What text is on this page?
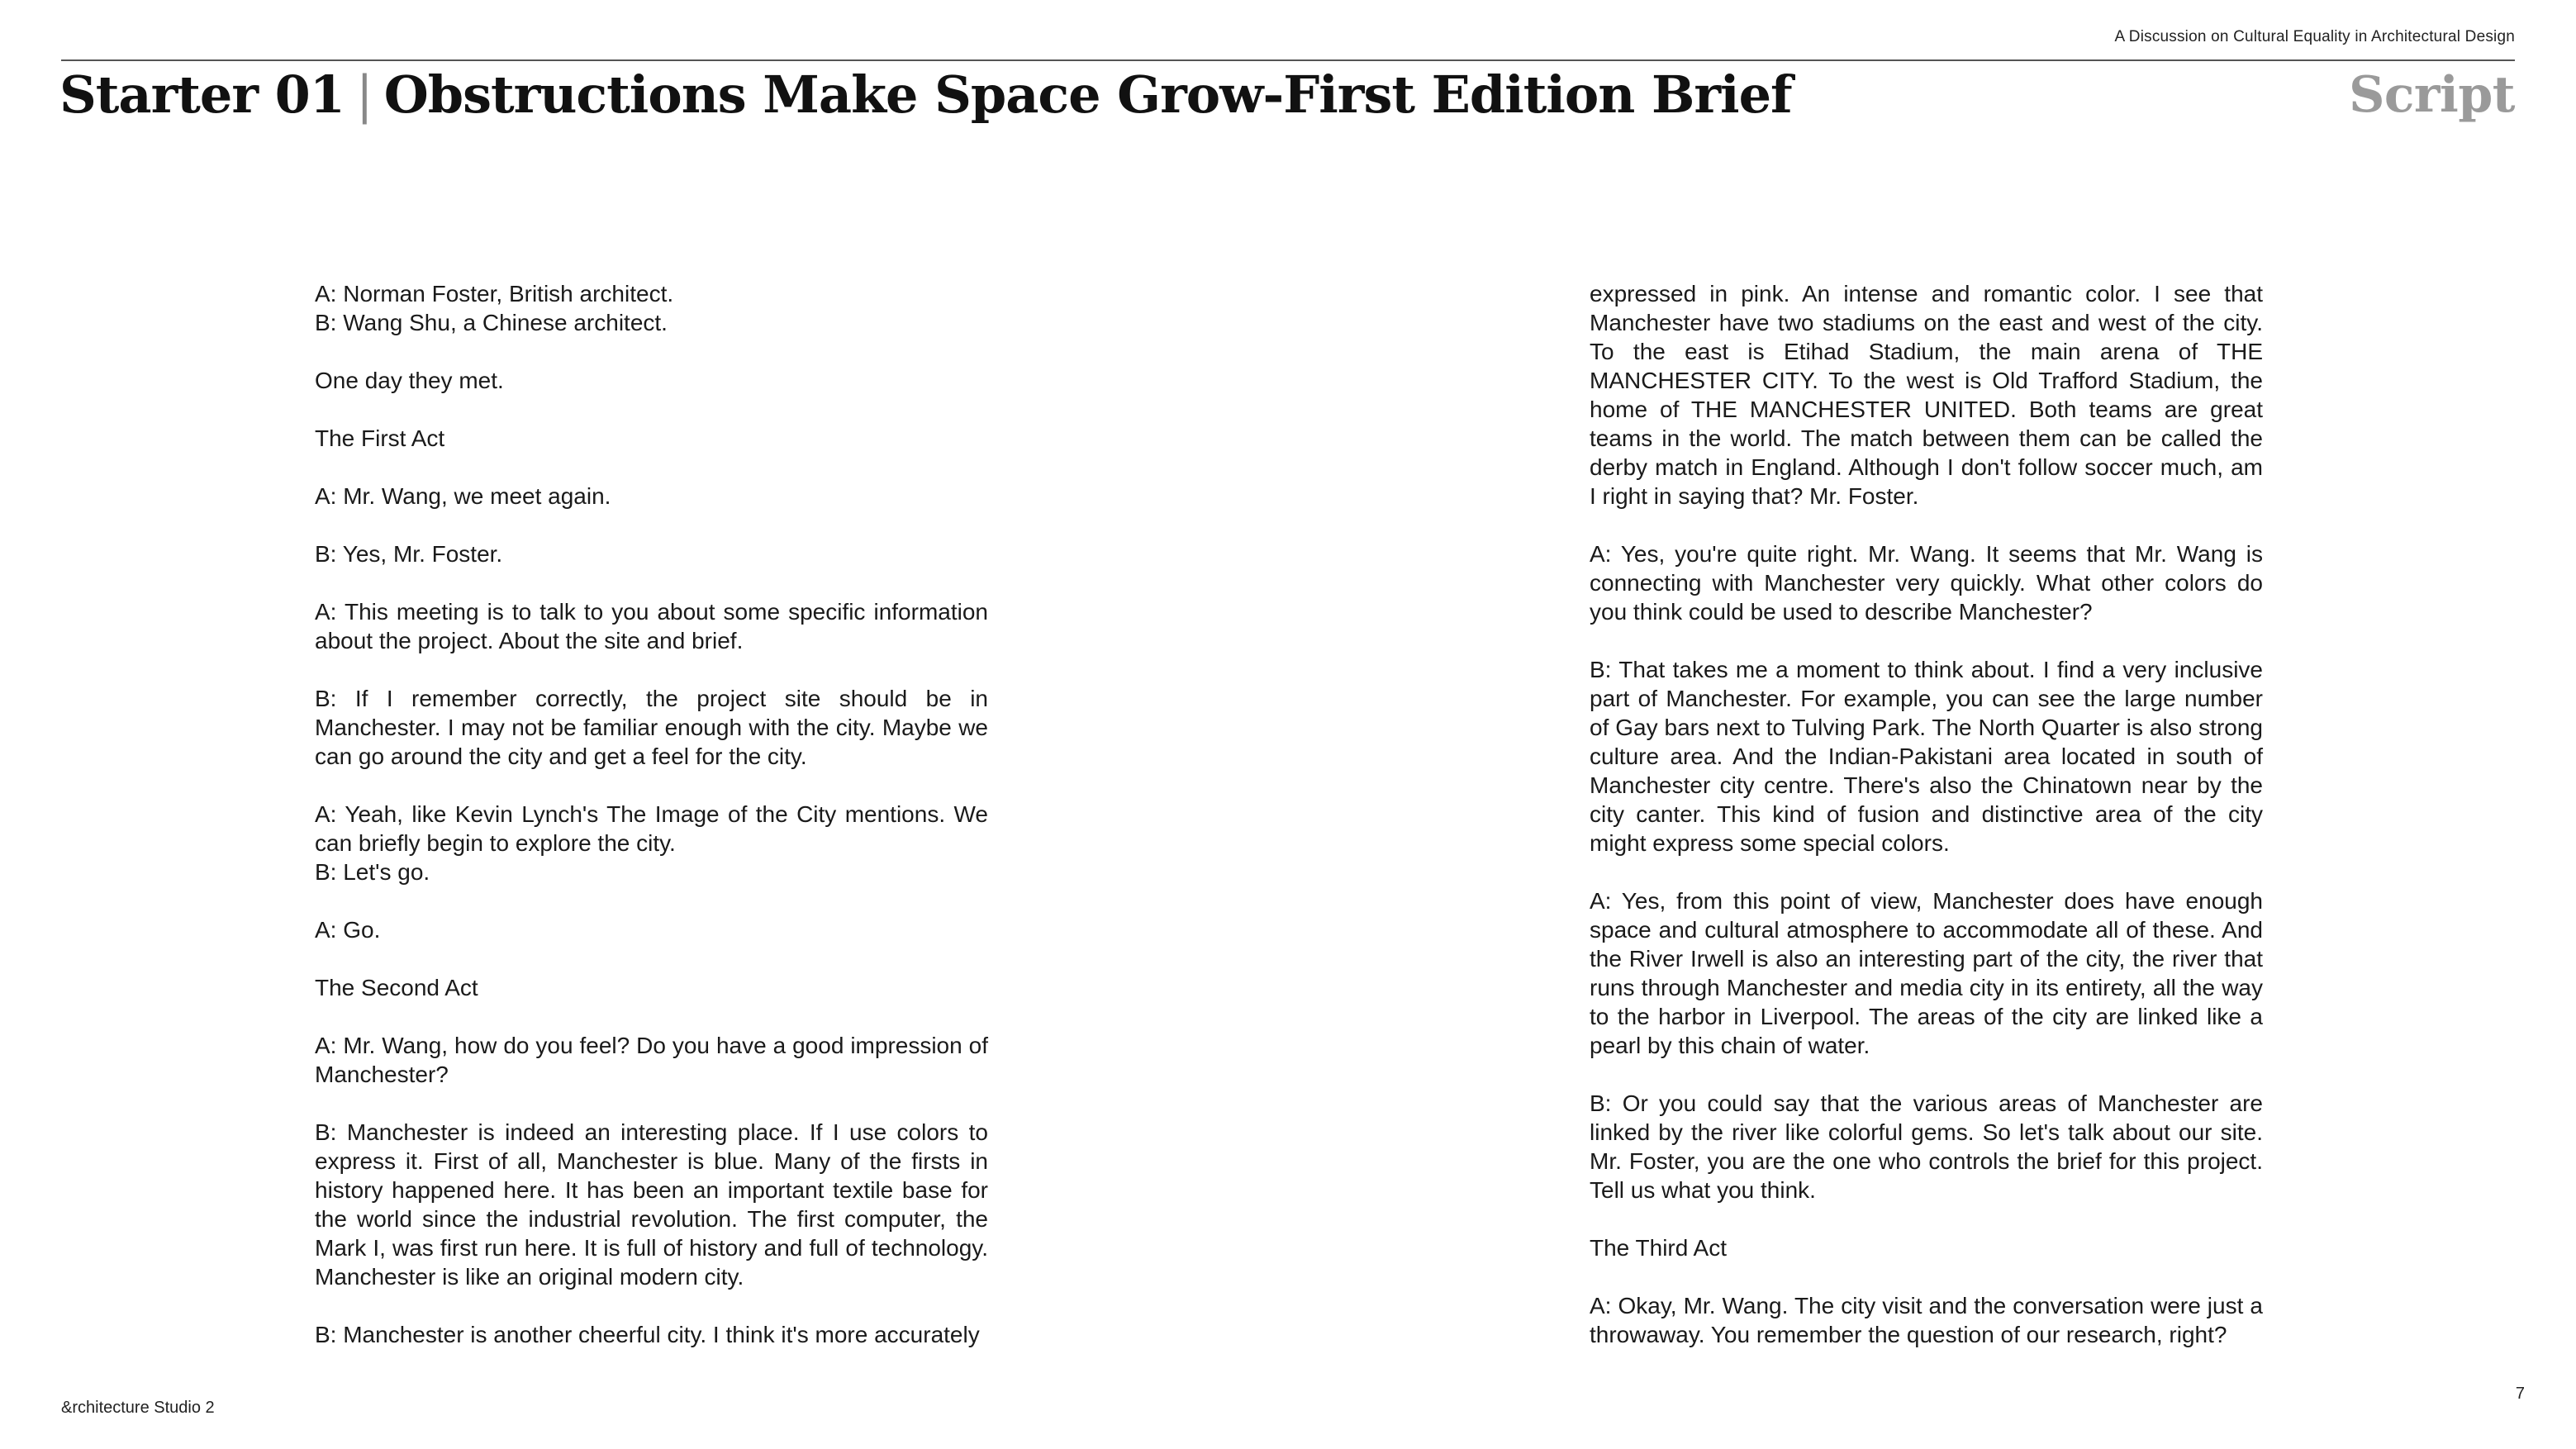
A Discussion on Cultural Equality in Architectural Design
Starter 01 | Obstructions Make Space Grow-First Edition Brief	Script

A: Norman Foster, British architect.

B: Wang Shu, a Chinese architect.

One day they met.

The First Act

A: Mr. Wang, we meet again.

B: Yes, Mr. Foster.

A: This meeting is to talk to you about some specific information about the project. About the site and brief.

B: If I remember correctly, the project site should be in Manchester. I may not be familiar enough with the city. Maybe we can go around the city and get a feel for the city.

A: Yeah, like Kevin Lynch's The Image of the City mentions. We can briefly begin to explore the city.

B: Let's go.

A: Go.

The Second Act

A: Mr. Wang, how do you feel? Do you have a good impression of Manchester?

B: Manchester is indeed an interesting place. If I use colors to express it. First of all, Manchester is blue. Many of the firsts in history happened here. It has been an important textile base for the world since the industrial revolution. The first computer, the Mark I, was first run here. It is full of history and full of technology. Manchester is like an original modern city.

B: Manchester is another cheerful city. I think it's more accurately

expressed in pink. An intense and romantic color. I see that Manchester have two stadiums on the east and west of the city. To the east is Etihad Stadium, the main arena of THE MANCHESTER CITY. To the west is Old Trafford Stadium, the home of THE MANCHESTER UNITED. Both teams are great teams in the world. The match between them can be called the derby match in England. Although I don't follow soccer much, am I right in saying that? Mr. Foster.

A: Yes, you're quite right. Mr. Wang. It seems that Mr. Wang is connecting with Manchester very quickly. What other colors do you think could be used to describe Manchester?

B: That takes me a moment to think about. I find a very inclusive part of Manchester. For example, you can see the large number of Gay bars next to Tulving Park. The North Quarter is also strong culture area. And the Indian-Pakistani area located in south of Manchester city centre. There's also the Chinatown near by the city canter. This kind of fusion and distinctive area of the city might express some special colors.

A: Yes, from this point of view, Manchester does have enough space and cultural atmosphere to accommodate all of these. And the River Irwell is also an interesting part of the city, the river that runs through Manchester and media city in its entirety, all the way to the harbor in Liverpool. The areas of the city are linked like a pearl by this chain of water.

B: Or you could say that the various areas of Manchester are linked by the river like colorful gems. So let's talk about our site. Mr. Foster, you are the one who controls the brief for this project. Tell us what you think.

The Third Act

A: Okay, Mr. Wang. The city visit and the conversation were just a throwaway. You remember the question of our research, right?

&rchitecture Studio 2
7
